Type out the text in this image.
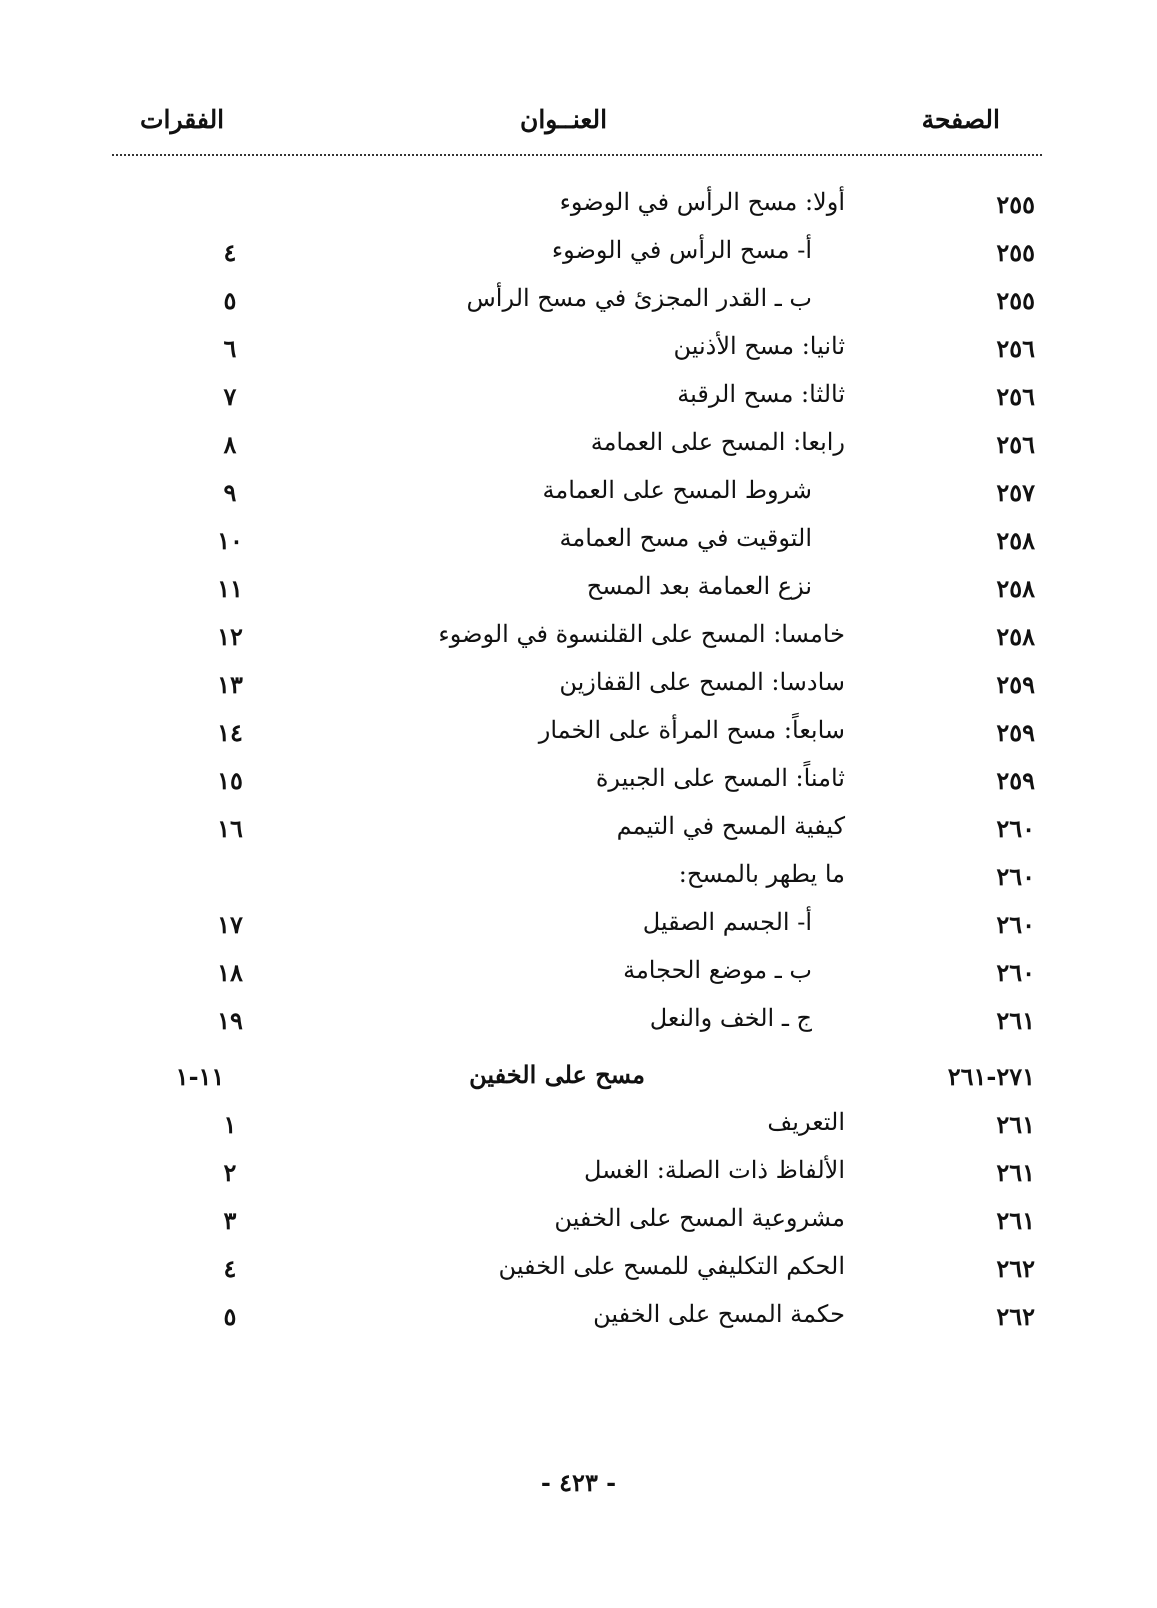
الصفحة
العنــوان
الفقرات
٢٥٥
أولا: مسح الرأس في الوضوء
٢٥٥
أ- مسح الرأس في الوضوء
٤
٢٥٥
ب ـ القدر المجزئ في مسح الرأس
٥
٢٥٦
ثانيا: مسح الأذنين
٦
٢٥٦
ثالثا: مسح الرقبة
٧
٢٥٦
رابعا: المسح على العمامة
٨
٢٥٧
شروط المسح على العمامة
٩
٢٥٨
التوقيت في مسح العمامة
١٠
٢٥٨
نزع العمامة بعد المسح
١١
٢٥٨
خامسا: المسح على القلنسوة في الوضوء
١٢
٢٥٩
سادسا: المسح على القفازين
١٣
٢٥٩
سابعاً: مسح المرأة على الخمار
١٤
٢٥٩
ثامناً: المسح على الجبيرة
١٥
٢٦٠
كيفية المسح في التيمم
١٦
٢٦٠
ما يطهر بالمسح:
٢٦٠
أ- الجسم الصقيل
١٧
٢٦٠
ب ـ موضع الحجامة
١٨
٢٦١
ج ـ الخف والنعل
١٩
٢٧١-٢٦١
مسح على الخفين
١١-١
٢٦١
التعريف
١
٢٦١
الألفاظ ذات الصلة: الغسل
٢
٢٦١
مشروعية المسح على الخفين
٣
٢٦٢
الحكم التكليفي للمسح على الخفين
٤
٢٦٢
حكمة المسح على الخفين
٥
- ٤٢٣ -
